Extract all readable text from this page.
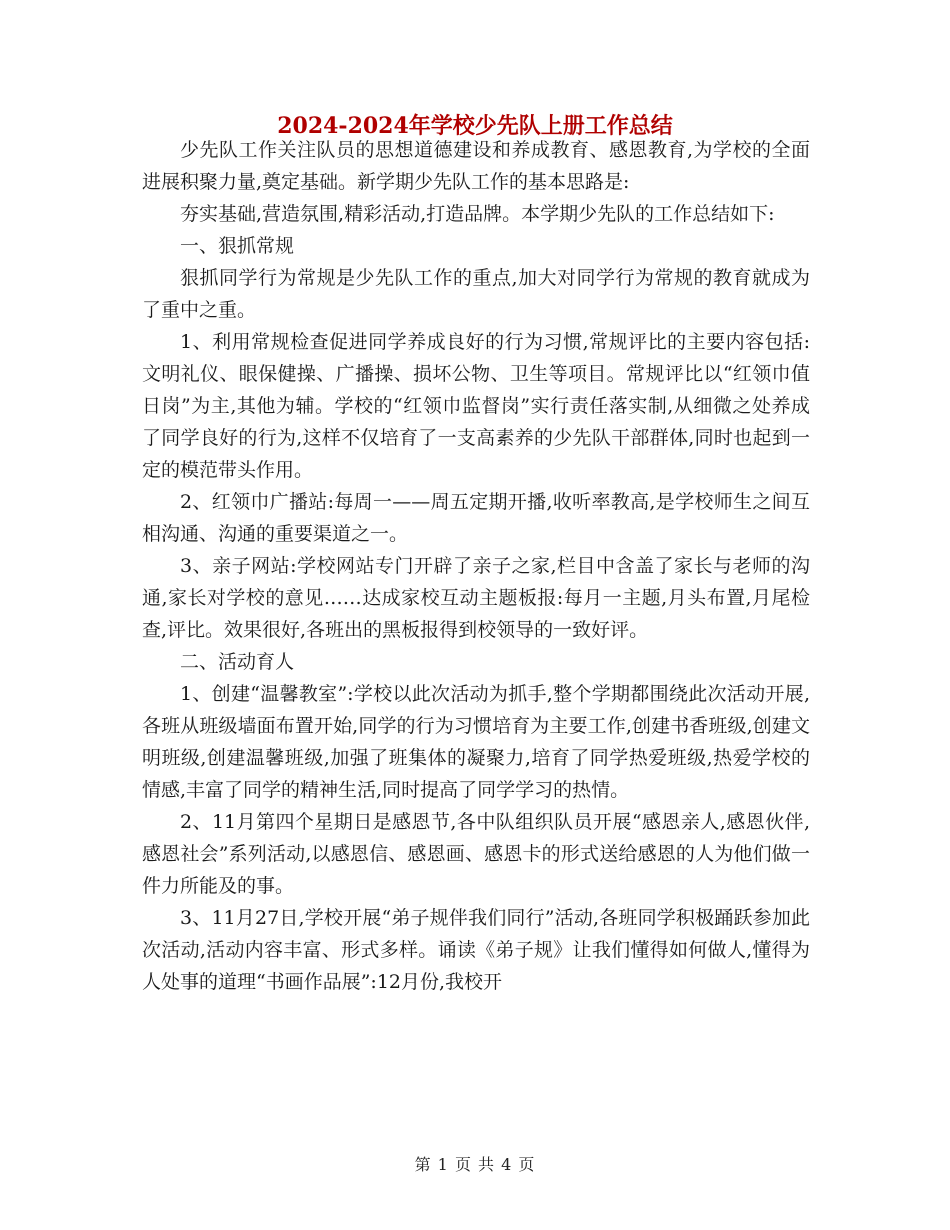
2024-2024年学校少先队上册工作总结

少先队工作关注队员的思想道德建设和养成教育、感恩教育,为学校的全面进展积聚力量,奠定基础。新学期少先队工作的基本思路是:

夯实基础,营造氛围,精彩活动,打造品牌。本学期少先队的工作总结如下:

一、狠抓常规

狠抓同学行为常规是少先队工作的重点,加大对同学行为常规的教育就成为了重中之重。

1、利用常规检查促进同学养成良好的行为习惯,常规评比的主要内容包括:文明礼仪、眼保健操、广播操、损坏公物、卫生等项目。常规评比以“红领巾值日岗”为主,其他为辅。学校的“红领巾监督岗”实行责任落实制,从细微之处养成了同学良好的行为,这样不仅培育了一支高素养的少先队干部群体,同时也起到一定的模范带头作用。

2、红领巾广播站:每周一——周五定期开播,收听率教高,是学校师生之间互相沟通、沟通的重要渠道之一。

3、亲子网站:学校网站专门开辟了亲子之家,栏目中含盖了家长与老师的沟通,家长对学校的意见……达成家校互动主题板报:每月一主题,月头布置,月尾检查,评比。效果很好,各班出的黑板报得到校领导的一致好评。

二、活动育人

1、创建“温馨教室”:学校以此次活动为抓手,整个学期都围绕此次活动开展,各班从班级墙面布置开始,同学的行为习惯培育为主要工作,创建书香班级,创建文明班级,创建温馨班级,加强了班集体的凝聚力,培育了同学热爱班级,热爱学校的情感,丰富了同学的精神生活,同时提高了同学学习的热情。

2、11月第四个星期日是感恩节,各中队组织队员开展“感恩亲人,感恩伙伴,感恩社会”系列活动,以感恩信、感恩画、感恩卡的形式送给感恩的人为他们做一件力所能及的事。

3、11月27日,学校开展“弟子规伴我们同行”活动,各班同学积极踊跃参加此次活动,活动内容丰富、形式多样。诵读《弟子规》让我们懂得如何做人,懂得为人处事的道理“书画作品展”:12月份,我校开

第 1 页 共 4 页
